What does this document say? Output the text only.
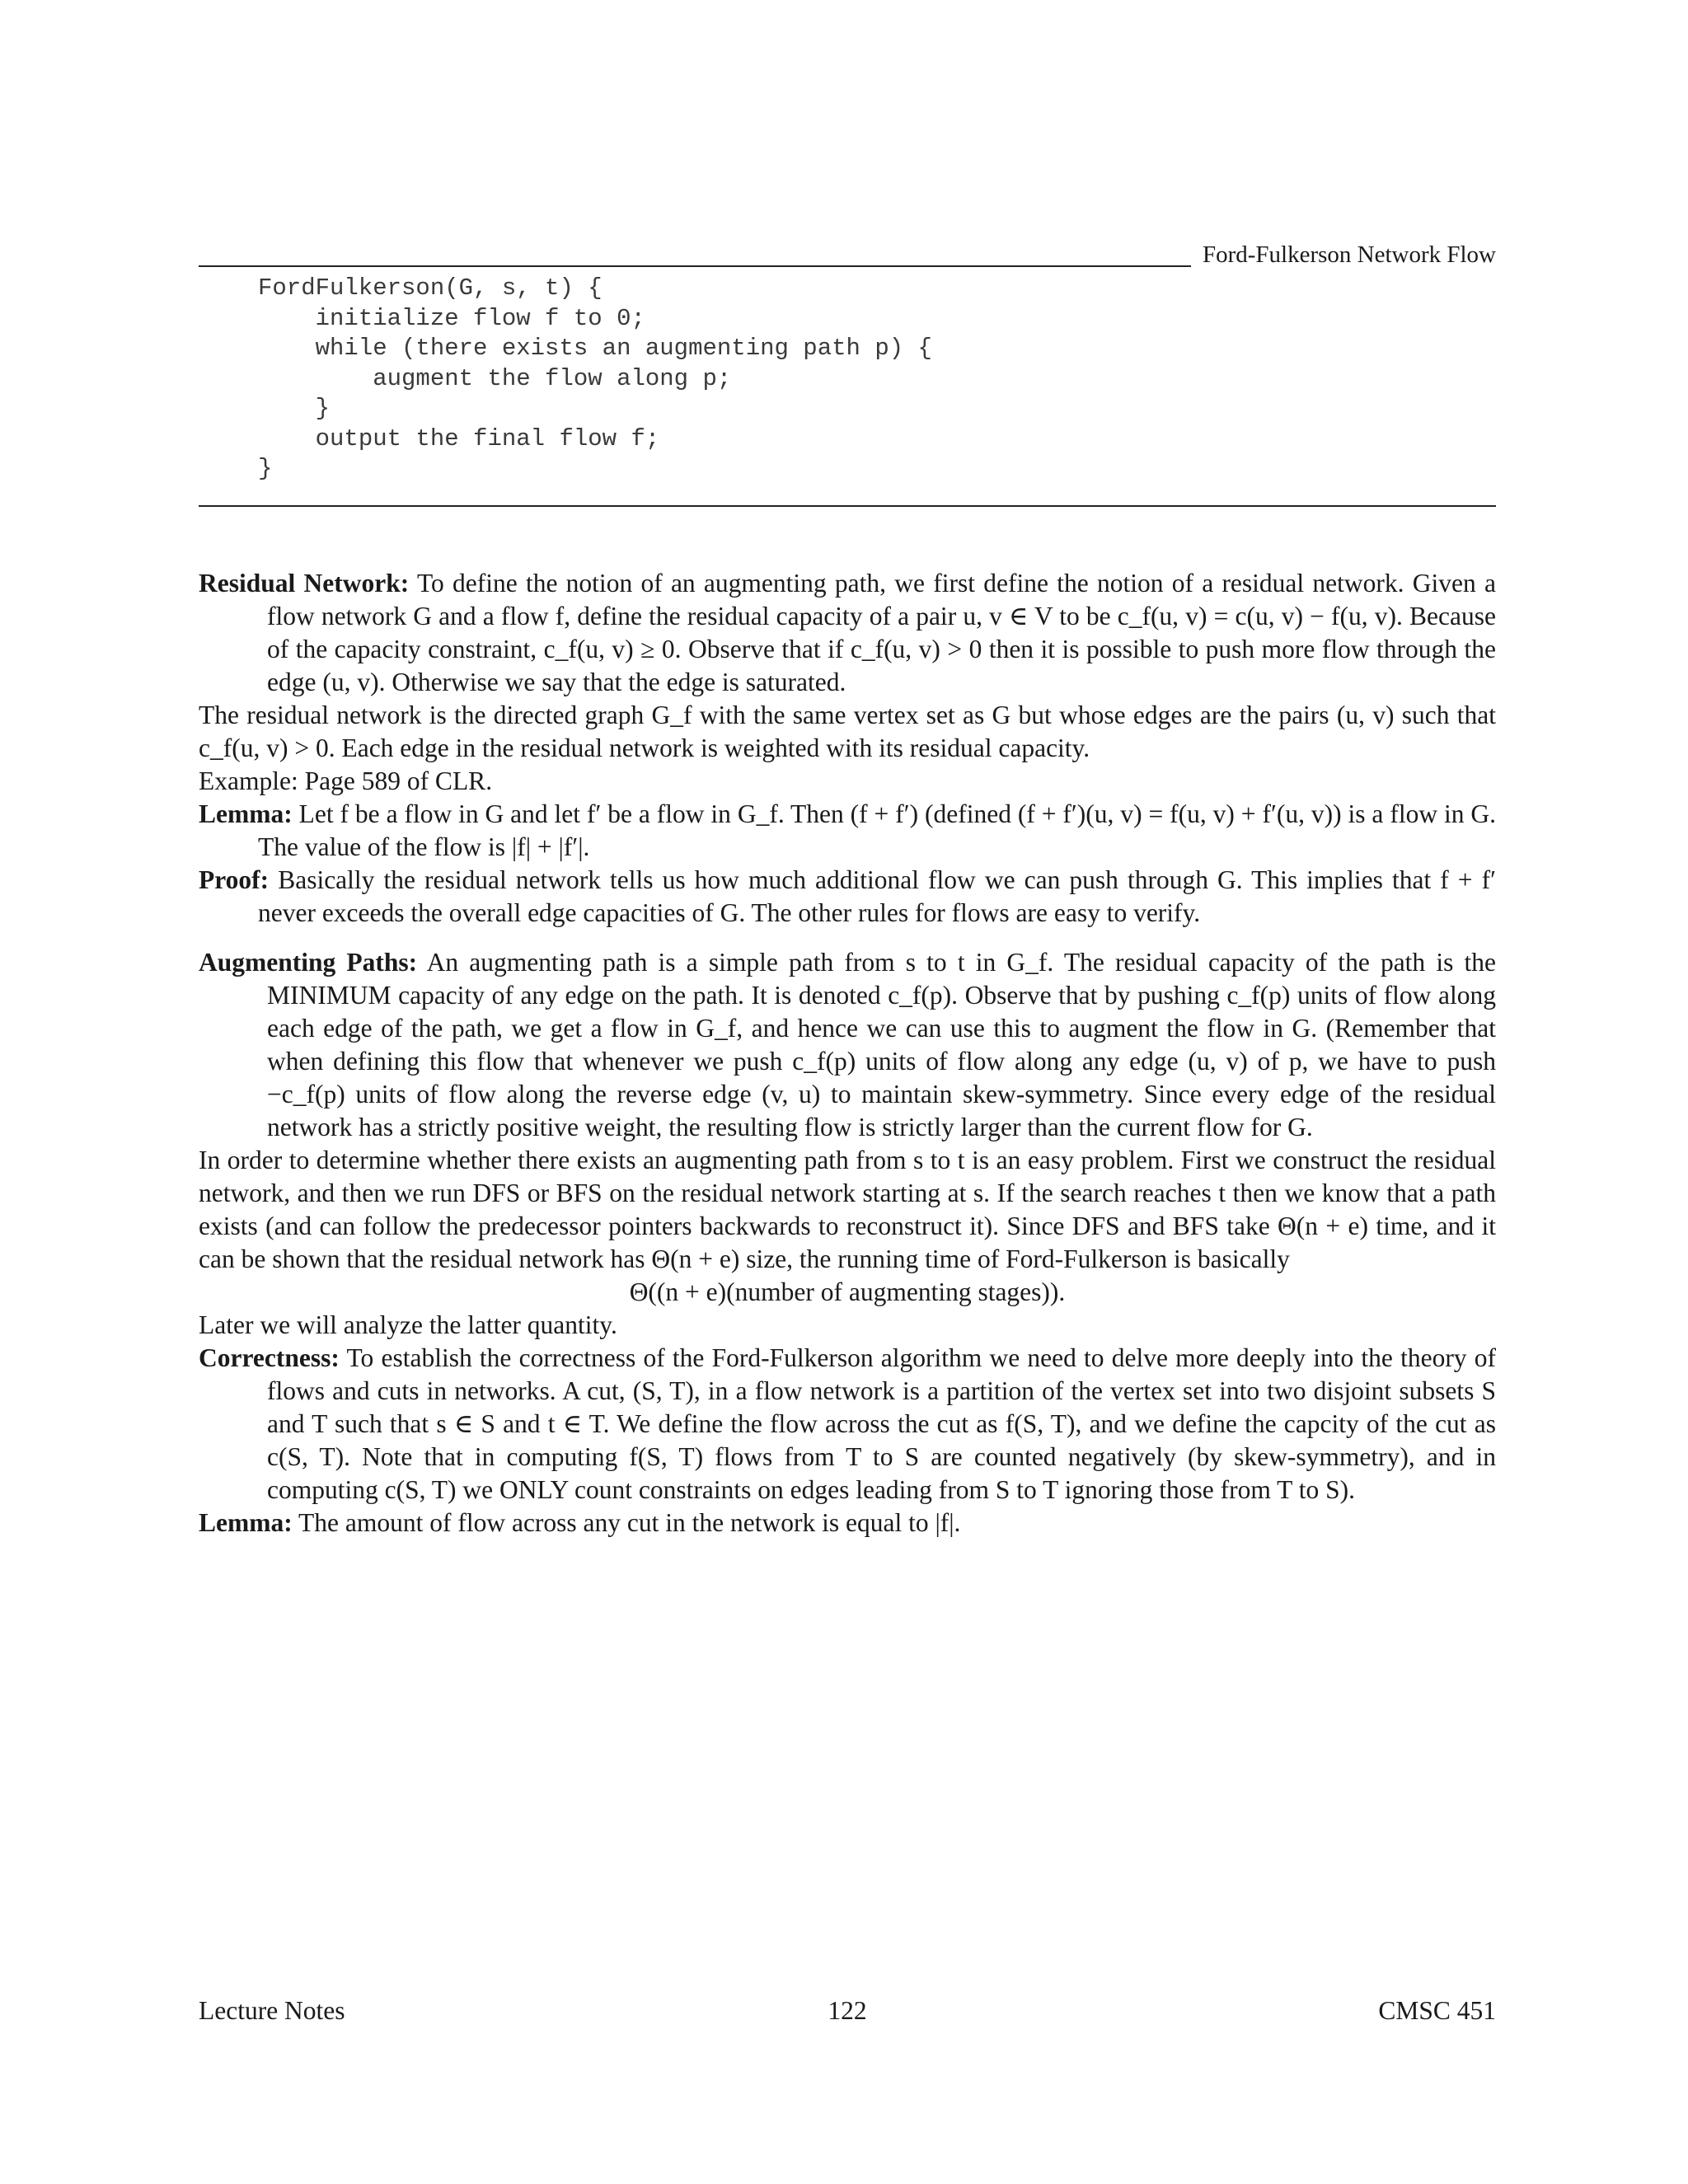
Ford-Fulkerson Network Flow
FordFulkerson(G, s, t) {
initialize flow f to 0;
while (there exists an augmenting path p) {
augment the flow along p;
}
output the final flow f;
}

Residual Network: To define the notion of an augmenting path, we first define the notion of a residual network. Given a flow network G and a flow f, define the residual capacity of a pair u, v ∈ V to be c_f(u, v) = c(u, v) − f(u, v). Because of the capacity constraint, c_f(u, v) ≥ 0. Observe that if c_f(u, v) > 0 then it is possible to push more flow through the edge (u, v). Otherwise we say that the edge is saturated.

The residual network is the directed graph G_f with the same vertex set as G but whose edges are the pairs (u, v) such that c_f(u, v) > 0. Each edge in the residual network is weighted with its residual capacity.

Example: Page 589 of CLR.

Lemma: Let f be a flow in G and let f′ be a flow in G_f. Then (f + f′) (defined (f + f′)(u, v) = f(u, v) + f′(u, v)) is a flow in G. The value of the flow is |f| + |f′|.

Proof: Basically the residual network tells us how much additional flow we can push through G. This implies that f + f′ never exceeds the overall edge capacities of G. The other rules for flows are easy to verify.

Augmenting Paths: An augmenting path is a simple path from s to t in G_f. The residual capacity of the path is the MINIMUM capacity of any edge on the path. It is denoted c_f(p). Observe that by pushing c_f(p) units of flow along each edge of the path, we get a flow in G_f, and hence we can use this to augment the flow in G. (Remember that when defining this flow that whenever we push c_f(p) units of flow along any edge (u, v) of p, we have to push −c_f(p) units of flow along the reverse edge (v, u) to maintain skew-symmetry. Since every edge of the residual network has a strictly positive weight, the resulting flow is strictly larger than the current flow for G.

In order to determine whether there exists an augmenting path from s to t is an easy problem. First we construct the residual network, and then we run DFS or BFS on the residual network starting at s. If the search reaches t then we know that a path exists (and can follow the predecessor pointers backwards to reconstruct it). Since DFS and BFS take Θ(n + e) time, and it can be shown that the residual network has Θ(n + e) size, the running time of Ford-Fulkerson is basically

Θ((n + e)(number of augmenting stages)).

Later we will analyze the latter quantity.

Correctness: To establish the correctness of the Ford-Fulkerson algorithm we need to delve more deeply into the theory of flows and cuts in networks. A cut, (S, T), in a flow network is a partition of the vertex set into two disjoint subsets S and T such that s ∈ S and t ∈ T. We define the flow across the cut as f(S, T), and we define the capcity of the cut as c(S, T). Note that in computing f(S, T) flows from T to S are counted negatively (by skew-symmetry), and in computing c(S, T) we ONLY count constraints on edges leading from S to T ignoring those from T to S).

Lemma: The amount of flow across any cut in the network is equal to |f|.

Lecture Notes	122	CMSC 451
